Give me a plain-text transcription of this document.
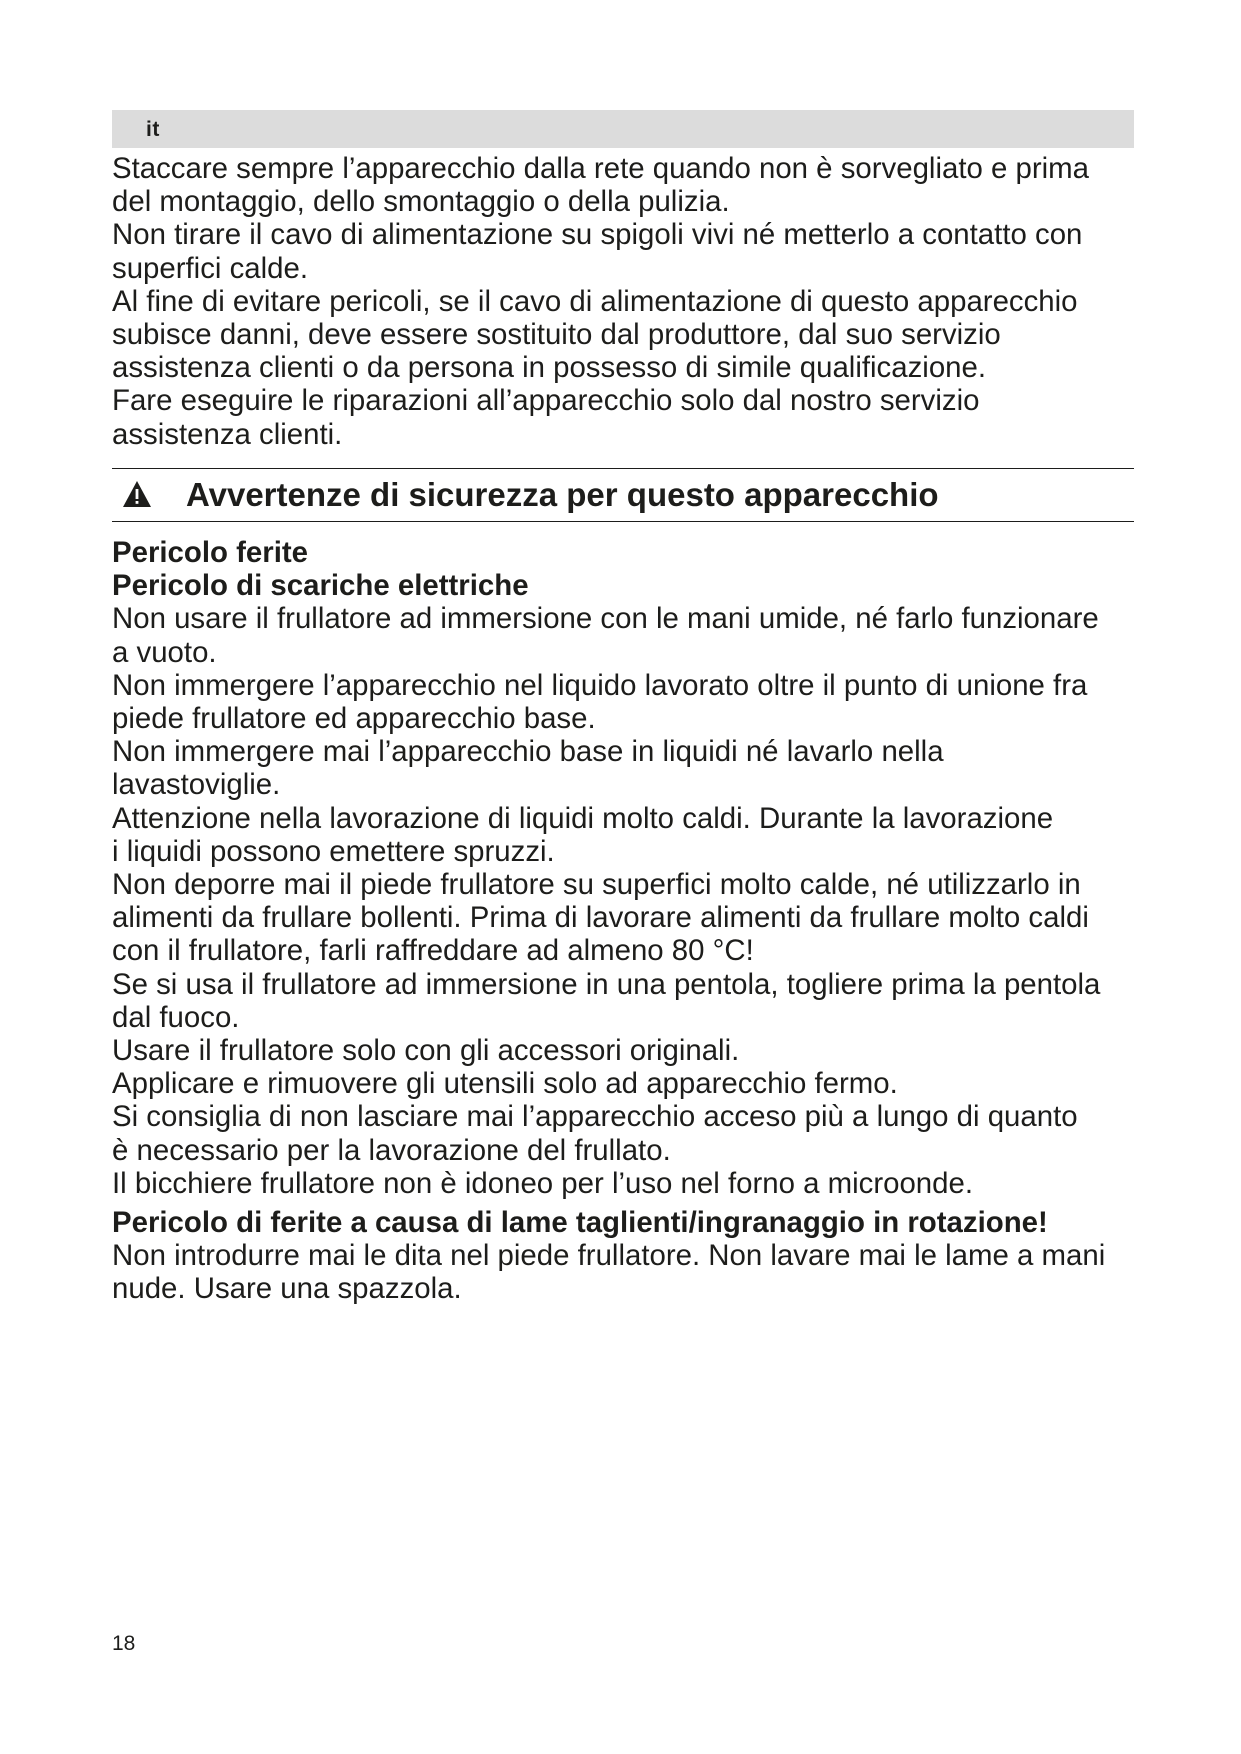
it

Staccare sempre l’apparecchio dalla rete quando non è sorvegliato e prima

del montaggio, dello smontaggio o della pulizia.

Non tirare il cavo di alimentazione su spigoli vivi né metterlo a contatto con

superfici calde.

Al fine di evitare pericoli, se il cavo di alimentazione di questo apparecchio

subisce danni, deve essere sostituito dal produttore, dal suo servizio

assistenza clienti o da persona in possesso di simile qualificazione.

Fare eseguire le riparazioni all’apparecchio solo dal nostro servizio

assistenza clienti.

Avvertenze di sicurezza per questo apparecchio

Pericolo ferite

Pericolo di scariche elettriche

Non usare il frullatore ad immersione con le mani umide, né farlo funzionare

a vuoto.

Non immergere l’apparecchio nel liquido lavorato oltre il punto di unione fra

piede frullatore ed apparecchio base.

Non immergere mai l’apparecchio base in liquidi né lavarlo nella

lavastoviglie.

Attenzione nella lavorazione di liquidi molto caldi. Durante la lavorazione

i liquidi possono emettere spruzzi.

Non deporre mai il piede frullatore su superfici molto calde, né utilizzarlo in

alimenti da frullare bollenti. Prima di lavorare alimenti da frullare molto caldi

con il frullatore, farli raffreddare ad almeno 80 °C!

Se si usa il frullatore ad immersione in una pentola, togliere prima la pentola

dal fuoco.

Usare il frullatore solo con gli accessori originali.

Applicare e rimuovere gli utensili solo ad apparecchio fermo.

Si consiglia di non lasciare mai l’apparecchio acceso più a lungo di quanto

è necessario per la lavorazione del frullato.

Il bicchiere frullatore non è idoneo per l’uso nel forno a microonde.

Pericolo di ferite a causa di lame taglienti/ingranaggio in rotazione!

Non introdurre mai le dita nel piede frullatore. Non lavare mai le lame a mani

nude. Usare una spazzola.

18
